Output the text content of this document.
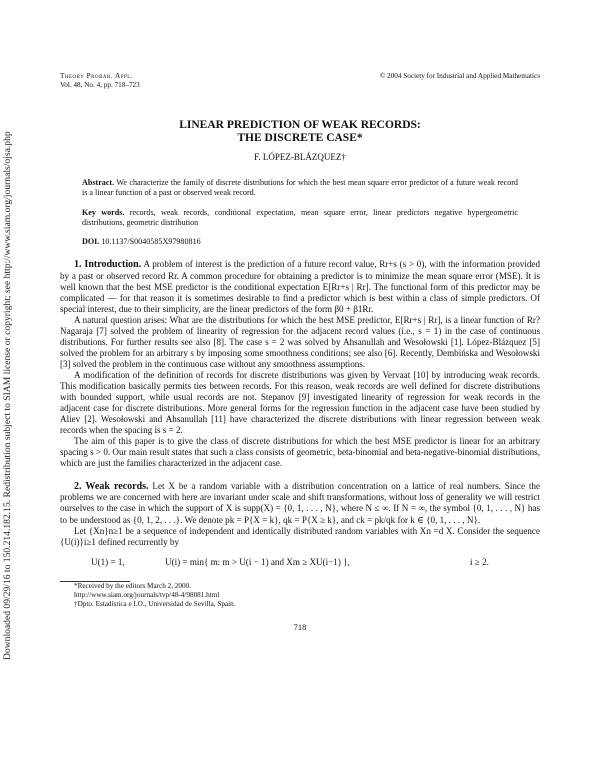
Downloaded 09/29/16 to 150.214.182.15. Redistribution subject to SIAM license or copyright; see http://www.siam.org/journals/ojsa.php
Theory Probab. Appl.
Vol. 48, No. 4, pp. 718–723
© 2004 Society for Industrial and Applied Mathematics
LINEAR PREDICTION OF WEAK RECORDS:
THE DISCRETE CASE*
F. LÓPEZ-BLÁZQUEZ†
Abstract. We characterize the family of discrete distributions for which the best mean square error predictor of a future weak record is a linear function of a past or observed weak record.
Key words. records, weak records, conditional expectation, mean square error, linear predictors negative hypergeometric distributions, geometric distribution
DOI. 10.1137/S0040585X97980816

1. Introduction. A problem of interest is the prediction of a future record value, Rr+s (s > 0), with the information provided by a past or observed record Rr. A common procedure for obtaining a predictor is to minimize the mean square error (MSE). It is well known that the best MSE predictor is the conditional expectation E[Rr+s | Rr]. The functional form of this predictor may be complicated — for that reason it is sometimes desirable to find a predictor which is best within a class of simple predictors. Of special interest, due to their simplicity, are the linear predictors of the form β0 + β1Rr.

A natural question arises: What are the distributions for which the best MSE predictor, E[Rr+s | Rr], is a linear function of Rr? Nagaraja [7] solved the problem of linearity of regression for the adjacent record values (i.e., s = 1) in the case of continuous distributions. For further results see also [8]. The case s = 2 was solved by Ahsanullah and Wesołowski [1]. López-Blázquez [5] solved the problem for an arbitrary s by imposing some smoothness conditions; see also [6]. Recently, Dembińska and Wesołowski [3] solved the problem in the continuous case without any smoothness assumptions.

A modification of the definition of records for discrete distributions was given by Vervaat [10] by introducing weak records. This modification basically permits ties between records. For this reason, weak records are well defined for discrete distributions with bounded support, while usual records are not. Stepanov [9] investigated linearity of regression for weak records in the adjacent case for discrete distributions. More general forms for the regression function in the adjacent case have been studied by Aliev [2]. Wesołowski and Ahsanullah [11] have characterized the discrete distributions with linear regression between weak records when the spacing is s = 2.

The aim of this paper is to give the class of discrete distributions for which the best MSE predictor is linear for an arbitrary spacing s > 0. Our main result states that such a class consists of geometric, beta-binomial and beta-negative-binomial distributions, which are just the families characterized in the adjacent case.

2. Weak records. Let X be a random variable with a distribution concentration on a lattice of real numbers. Since the problems we are concerned with here are invariant under scale and shift transformations, without loss of generality we will restrict ourselves to the case in which the support of X is supp(X) = {0, 1, . . . , N}, where N ≤ ∞. If N = ∞, the symbol {0, 1, . . . , N} has to be understood as {0, 1, 2, . . .}. We denote pk = P{X = k}, qk = P{X ≥ k}, and ck = pk/qk for k ∈ {0, 1, . . . , N}.

Let {Xn}n≥1 be a sequence of independent and identically distributed random variables with Xn =d X. Consider the sequence {U(i)}i≥1 defined recurrently by

U(1) = 1,	U(i) = min{ m: m > U(i − 1) and Xm ≥ XU(i−1) },	i ≥ 2.
*Received by the editors March 2, 2000.
http://www.siam.org/journals/tvp/48-4/98081.html
†Dpto. Estadística e I.O., Universidad de Sevilla, Spain.
718
